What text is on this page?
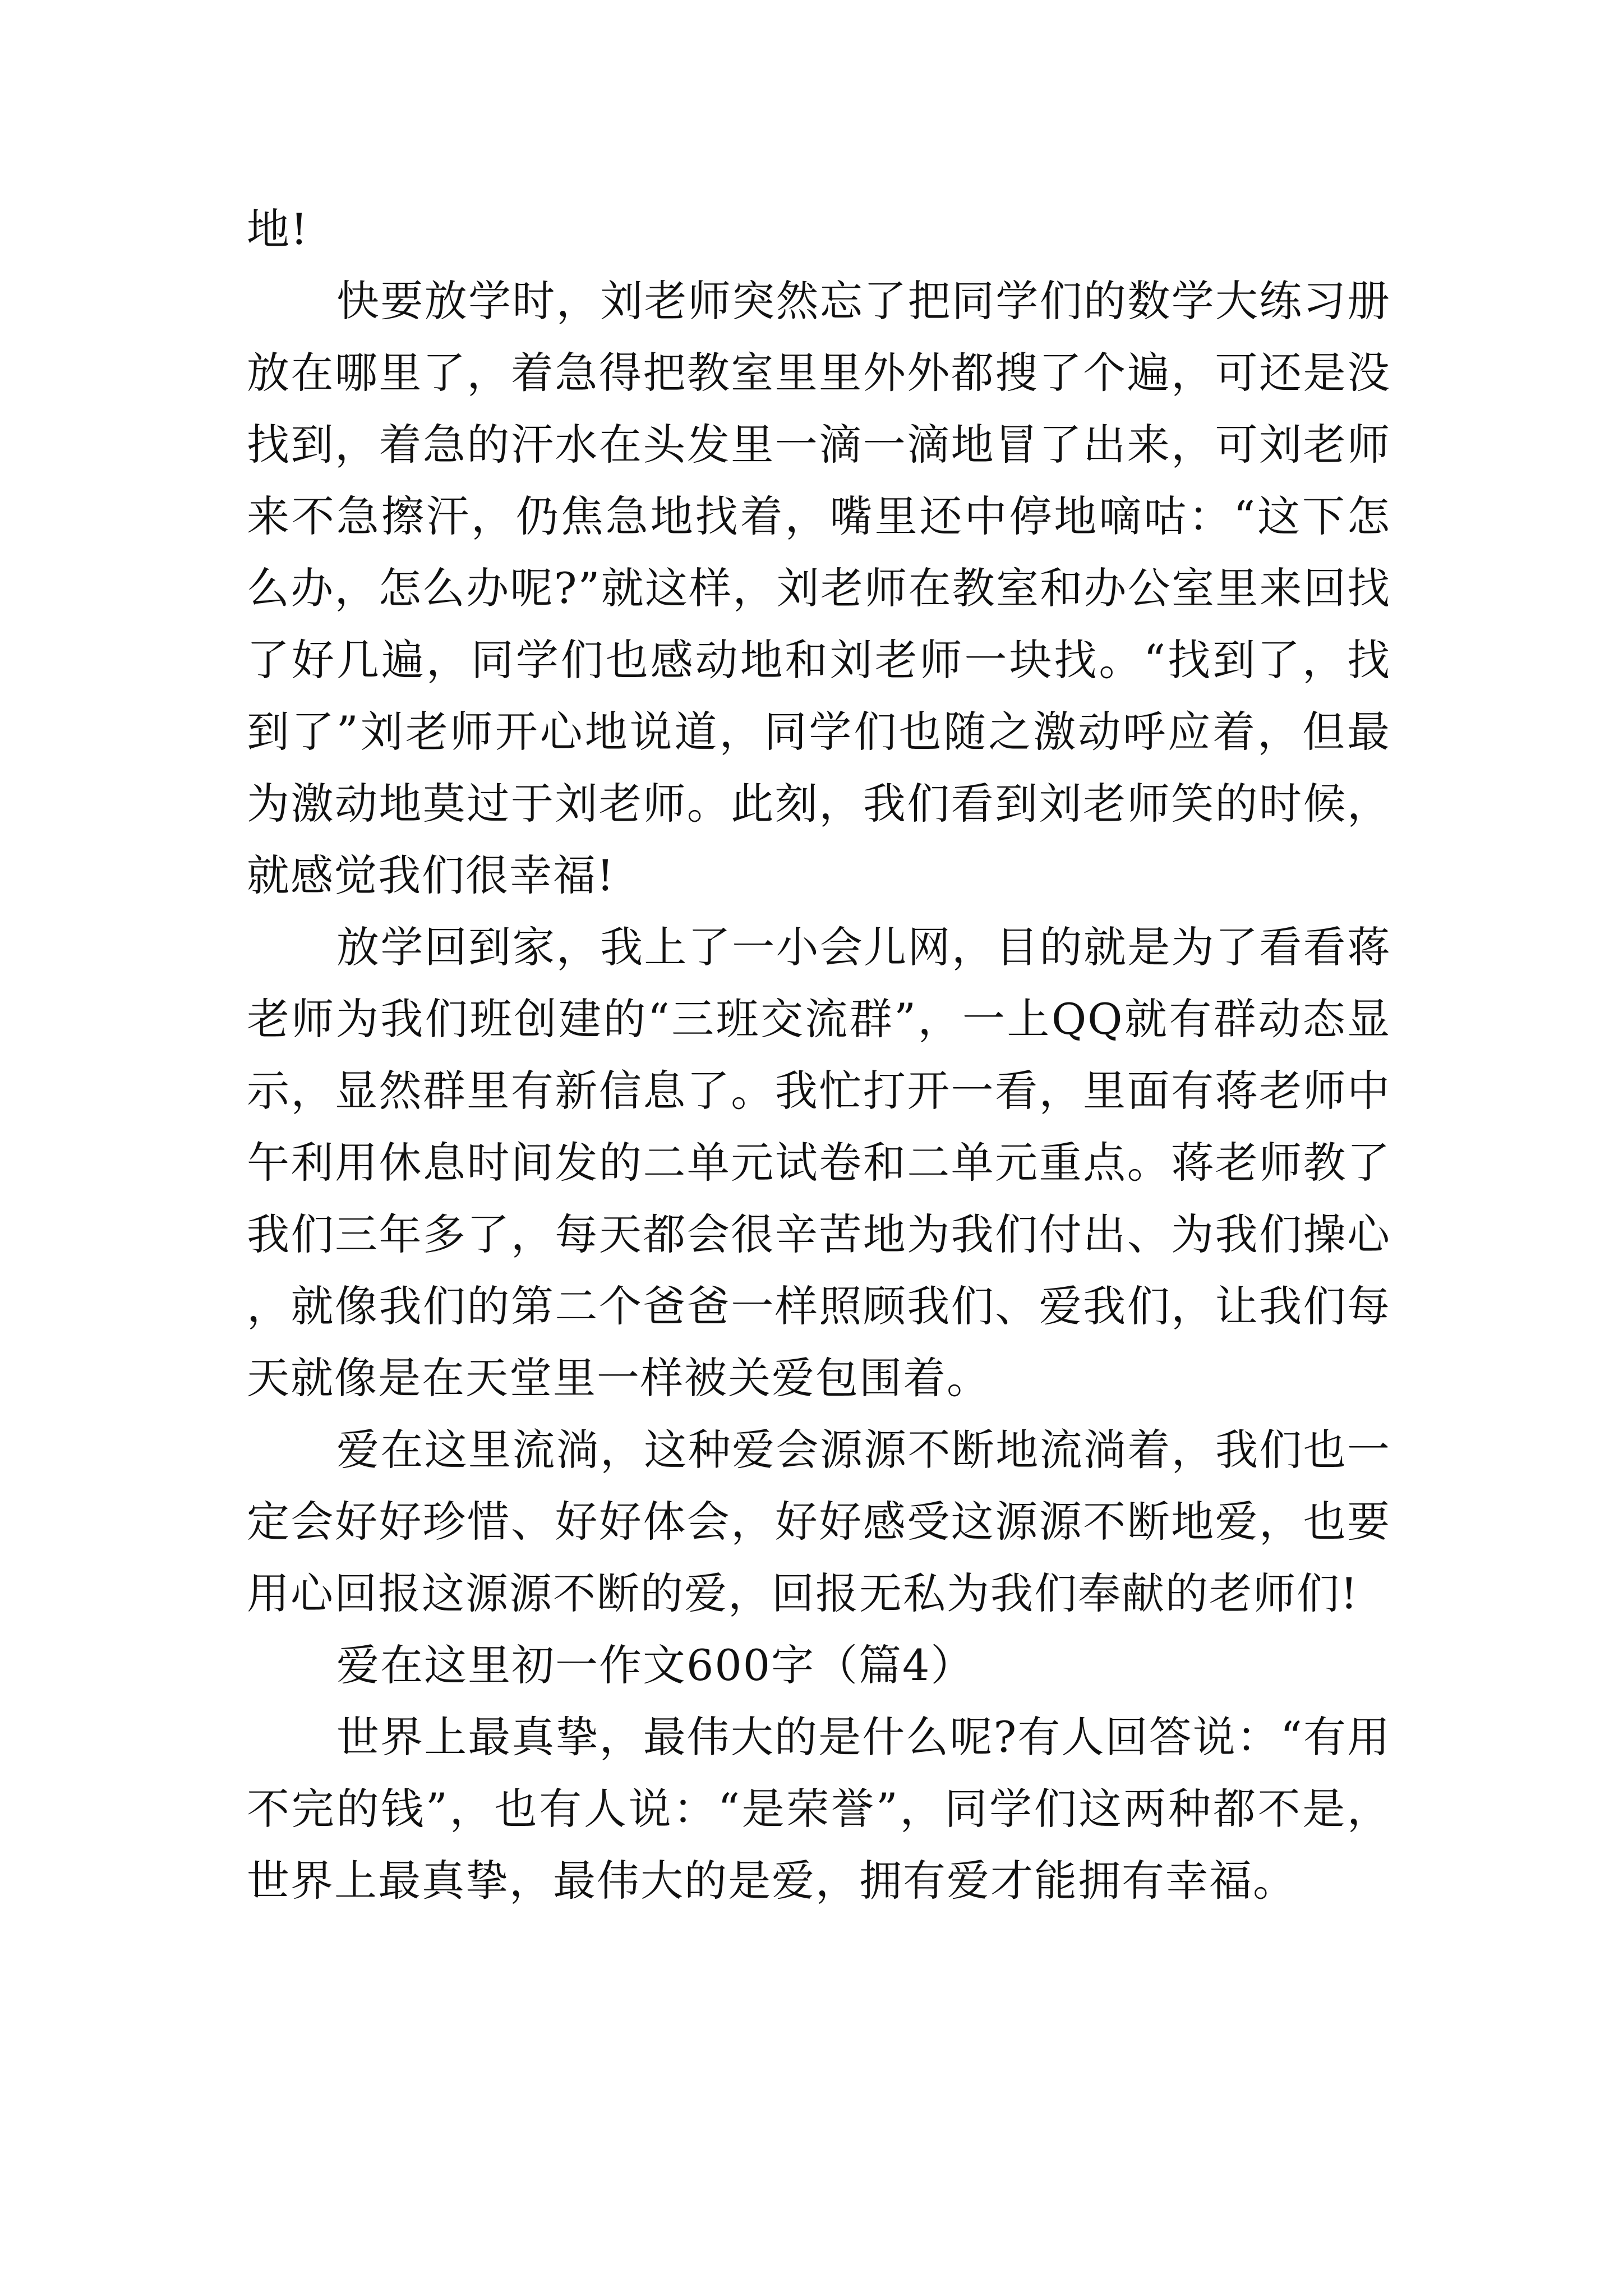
地!

快要放学时，刘老师突然忘了把同学们的数学大练习册放在哪里了，着急得把教室里里外外都搜了个遍，可还是没找到，着急的汗水在头发里一滴一滴地冒了出来，可刘老师来不急擦汗，仍焦急地找着，嘴里还中停地嘀咕：“这下怎么办，怎么办呢?”就这样，刘老师在教室和办公室里来回找了好几遍，同学们也感动地和刘老师一块找。“找到了，找到了”刘老师开心地说道，同学们也随之激动呼应着，但最为激动地莫过于刘老师。此刻，我们看到刘老师笑的时候，就感觉我们很幸福!

放学回到家，我上了一小会儿网，目的就是为了看看蒋老师为我们班创建的“三班交流群”，一上QQ就有群动态显示，显然群里有新信息了。我忙打开一看，里面有蒋老师中午利用休息时间发的二单元试卷和二单元重点。蒋老师教了我们三年多了，每天都会很辛苦地为我们付出、为我们操心，就像我们的第二个爸爸一样照顾我们、爱我们，让我们每天就像是在天堂里一样被关爱包围着。

爱在这里流淌，这种爱会源源不断地流淌着，我们也一定会好好珍惜、好好体会，好好感受这源源不断地爱，也要用心回报这源源不断的爱，回报无私为我们奉献的老师们!

爱在这里初一作文600字（篇4）

世界上最真挚，最伟大的是什么呢?有人回答说：“有用不完的钱”，也有人说：“是荣誉”，同学们这两种都不是，世界上最真挚，最伟大的是爱，拥有爱才能拥有幸福。
